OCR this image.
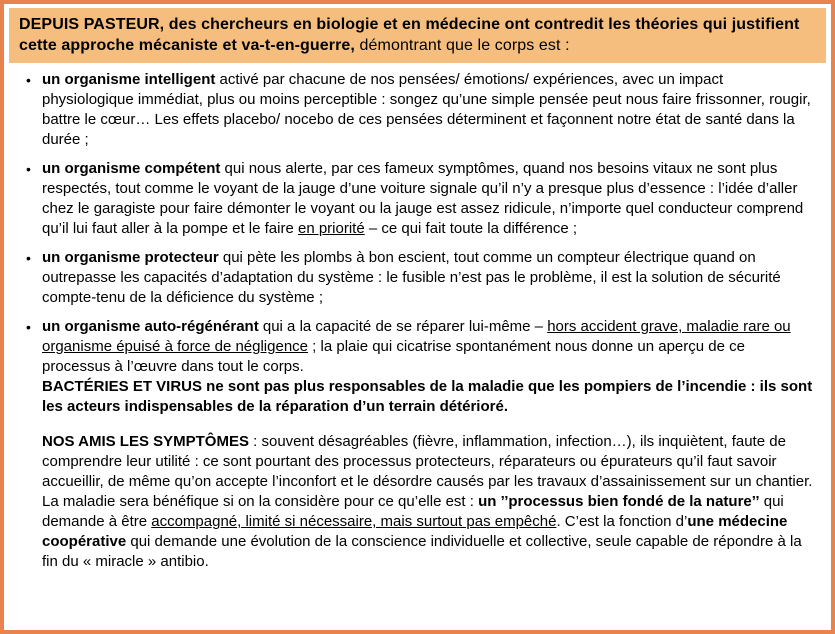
DEPUIS PASTEUR, des chercheurs en biologie et en médecine ont contredit les théories qui justifient cette approche mécaniste et va-t-en-guerre, démontrant que le corps est :
• un organisme intelligent activé par chacune de nos pensées/ émotions/ expériences, avec un impact physiologique immédiat, plus ou moins perceptible : songez qu’une simple pensée peut nous faire frissonner, rougir, battre le cœur… Les effets placebo/ nocebo de ces pensées déterminent et façonnent notre état de santé dans la durée ;
• un organisme compétent qui nous alerte, par ces fameux symptômes, quand nos besoins vitaux ne sont plus respectés, tout comme le voyant de la jauge d’une voiture signale qu’il n’y a presque plus d’essence : l’idée d’aller chez le garagiste pour faire démonter le voyant ou la jauge est assez ridicule, n’importe quel conducteur comprend qu’il lui faut aller à la pompe et le faire en priorité – ce qui fait toute la différence ;
• un organisme protecteur qui pète les plombs à bon escient, tout comme un compteur électrique quand on outrepasse les capacités d’adaptation du système : le fusible n’est pas le problème, il est la solution de sécurité compte-tenu de la déficience du système ;
• un organisme auto-régénérant qui a la capacité de se réparer lui-même – hors accident grave, maladie rare ou organisme épuisé à force de négligence ; la plaie qui cicatrise spontanément nous donne un aperçu de ce processus à l’œuvre dans tout le corps.
BACTÉRIES ET VIRUS ne sont pas plus responsables de la maladie que les pompiers de l’incendie : ils sont les acteurs indispensables de la réparation d’un terrain détérioré.
NOS AMIS LES SYMPTÔMES : souvent désagréables (fièvre, inflammation, infection…), ils inquiètent, faute de comprendre leur utilité : ce sont pourtant des processus protecteurs, réparateurs ou épurateurs qu’il faut savoir accueillir, de même qu’on accepte l’inconfort et le désordre causés par les travaux d’assainissement sur un chantier.
La maladie sera bénéfique si on la considère pour ce qu’elle est : un ’’processus bien fondé de la nature’’ qui demande à être accompagné, limité si nécessaire, mais surtout pas empêché. C’est la fonction d’une médecine coopérative qui demande une évolution de la conscience individuelle et collective, seule capable de répondre à la fin du « miracle » antibio.
